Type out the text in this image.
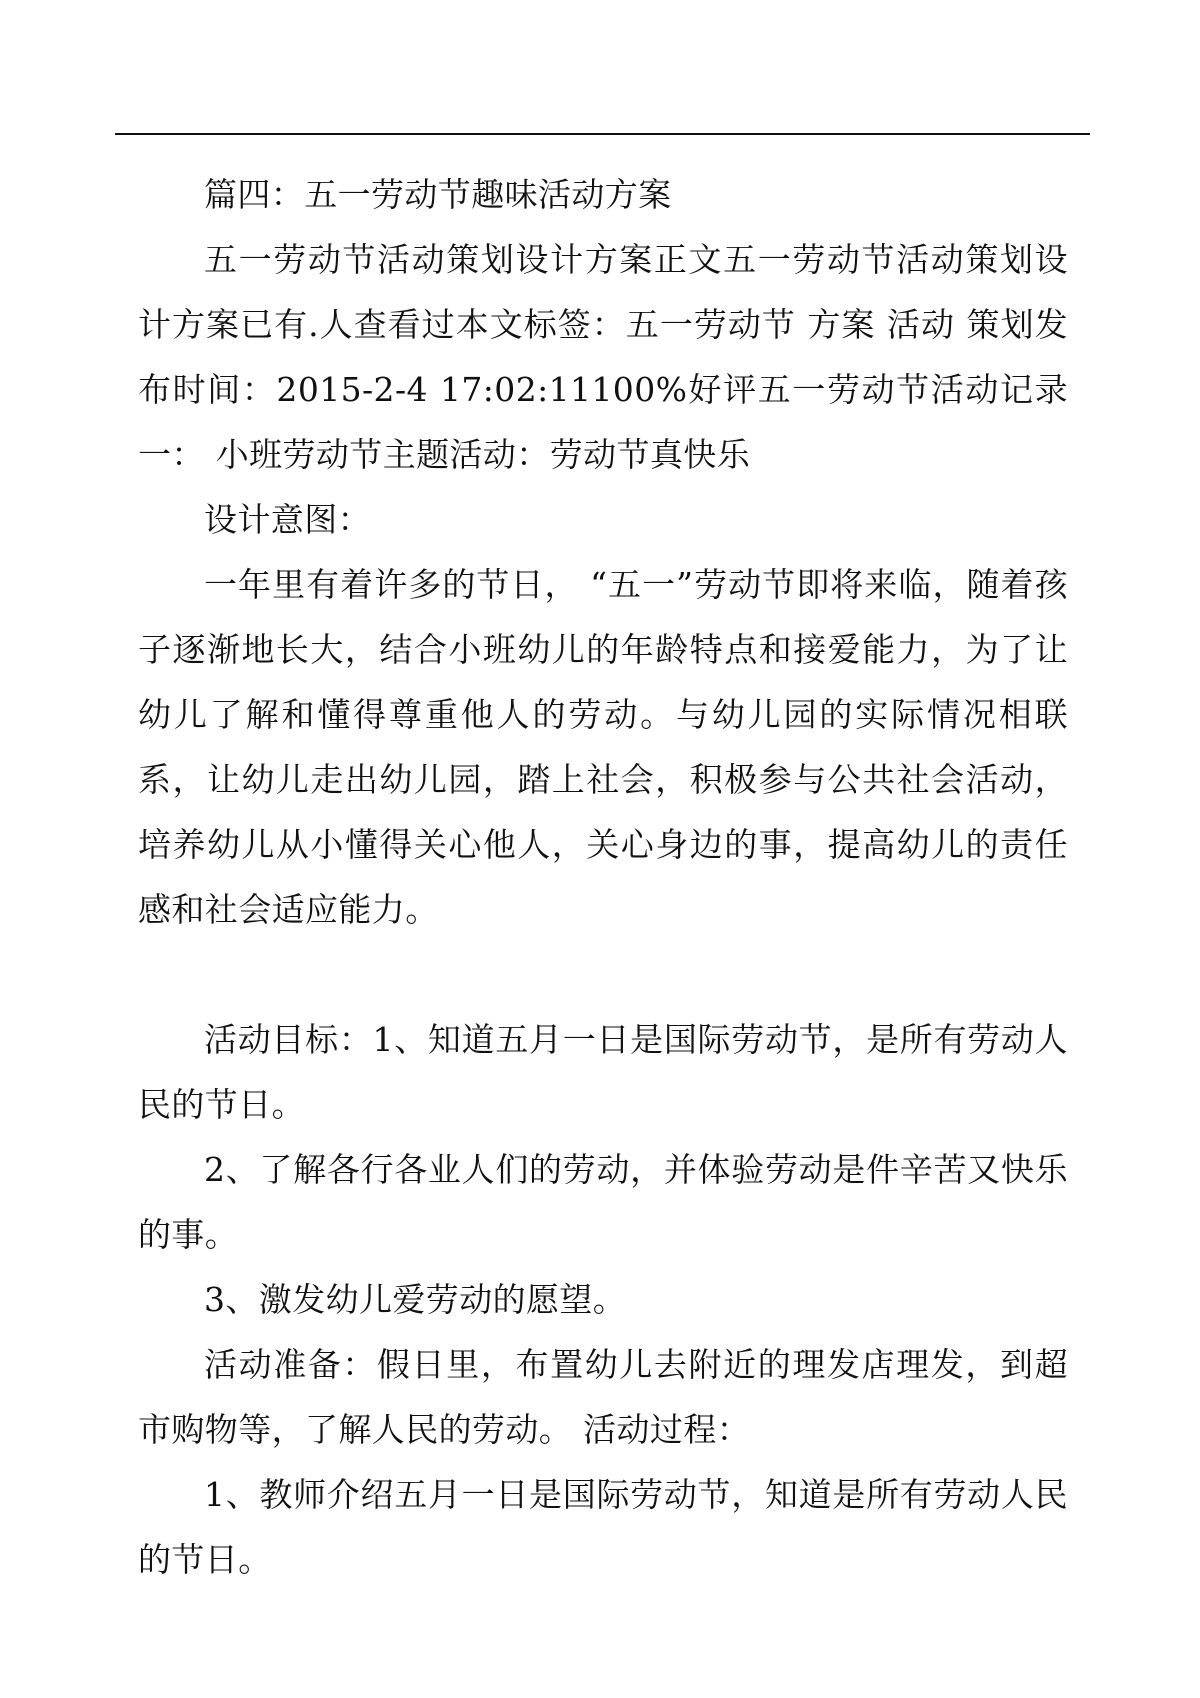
篇四：五一劳动节趣味活动方案

五一劳动节活动策划设计方案正文五一劳动节活动策划设计方案已有.人查看过本文标签：五一劳动节 方案 活动 策划发布时间：2015-2-4 17:02:11100%好评五一劳动节活动记录一： 小班劳动节主题活动：劳动节真快乐

设计意图：

一年里有着许多的节日， “五一”劳动节即将来临，随着孩子逐渐地长大，结合小班幼儿的年龄特点和接爱能力，为了让幼儿了解和懂得尊重他人的劳动。与幼儿园的实际情况相联系，让幼儿走出幼儿园，踏上社会，积极参与公共社会活动，培养幼儿从小懂得关心他人，关心身边的事，提高幼儿的责任感和社会适应能力。

活动目标：1、知道五月一日是国际劳动节，是所有劳动人民的节日。

2、了解各行各业人们的劳动，并体验劳动是件辛苦又快乐的事。

3、激发幼儿爱劳动的愿望。

活动准备：假日里，布置幼儿去附近的理发店理发，到超市购物等，了解人民的劳动。 活动过程：

1、教师介绍五月一日是国际劳动节，知道是所有劳动人民的节日。
